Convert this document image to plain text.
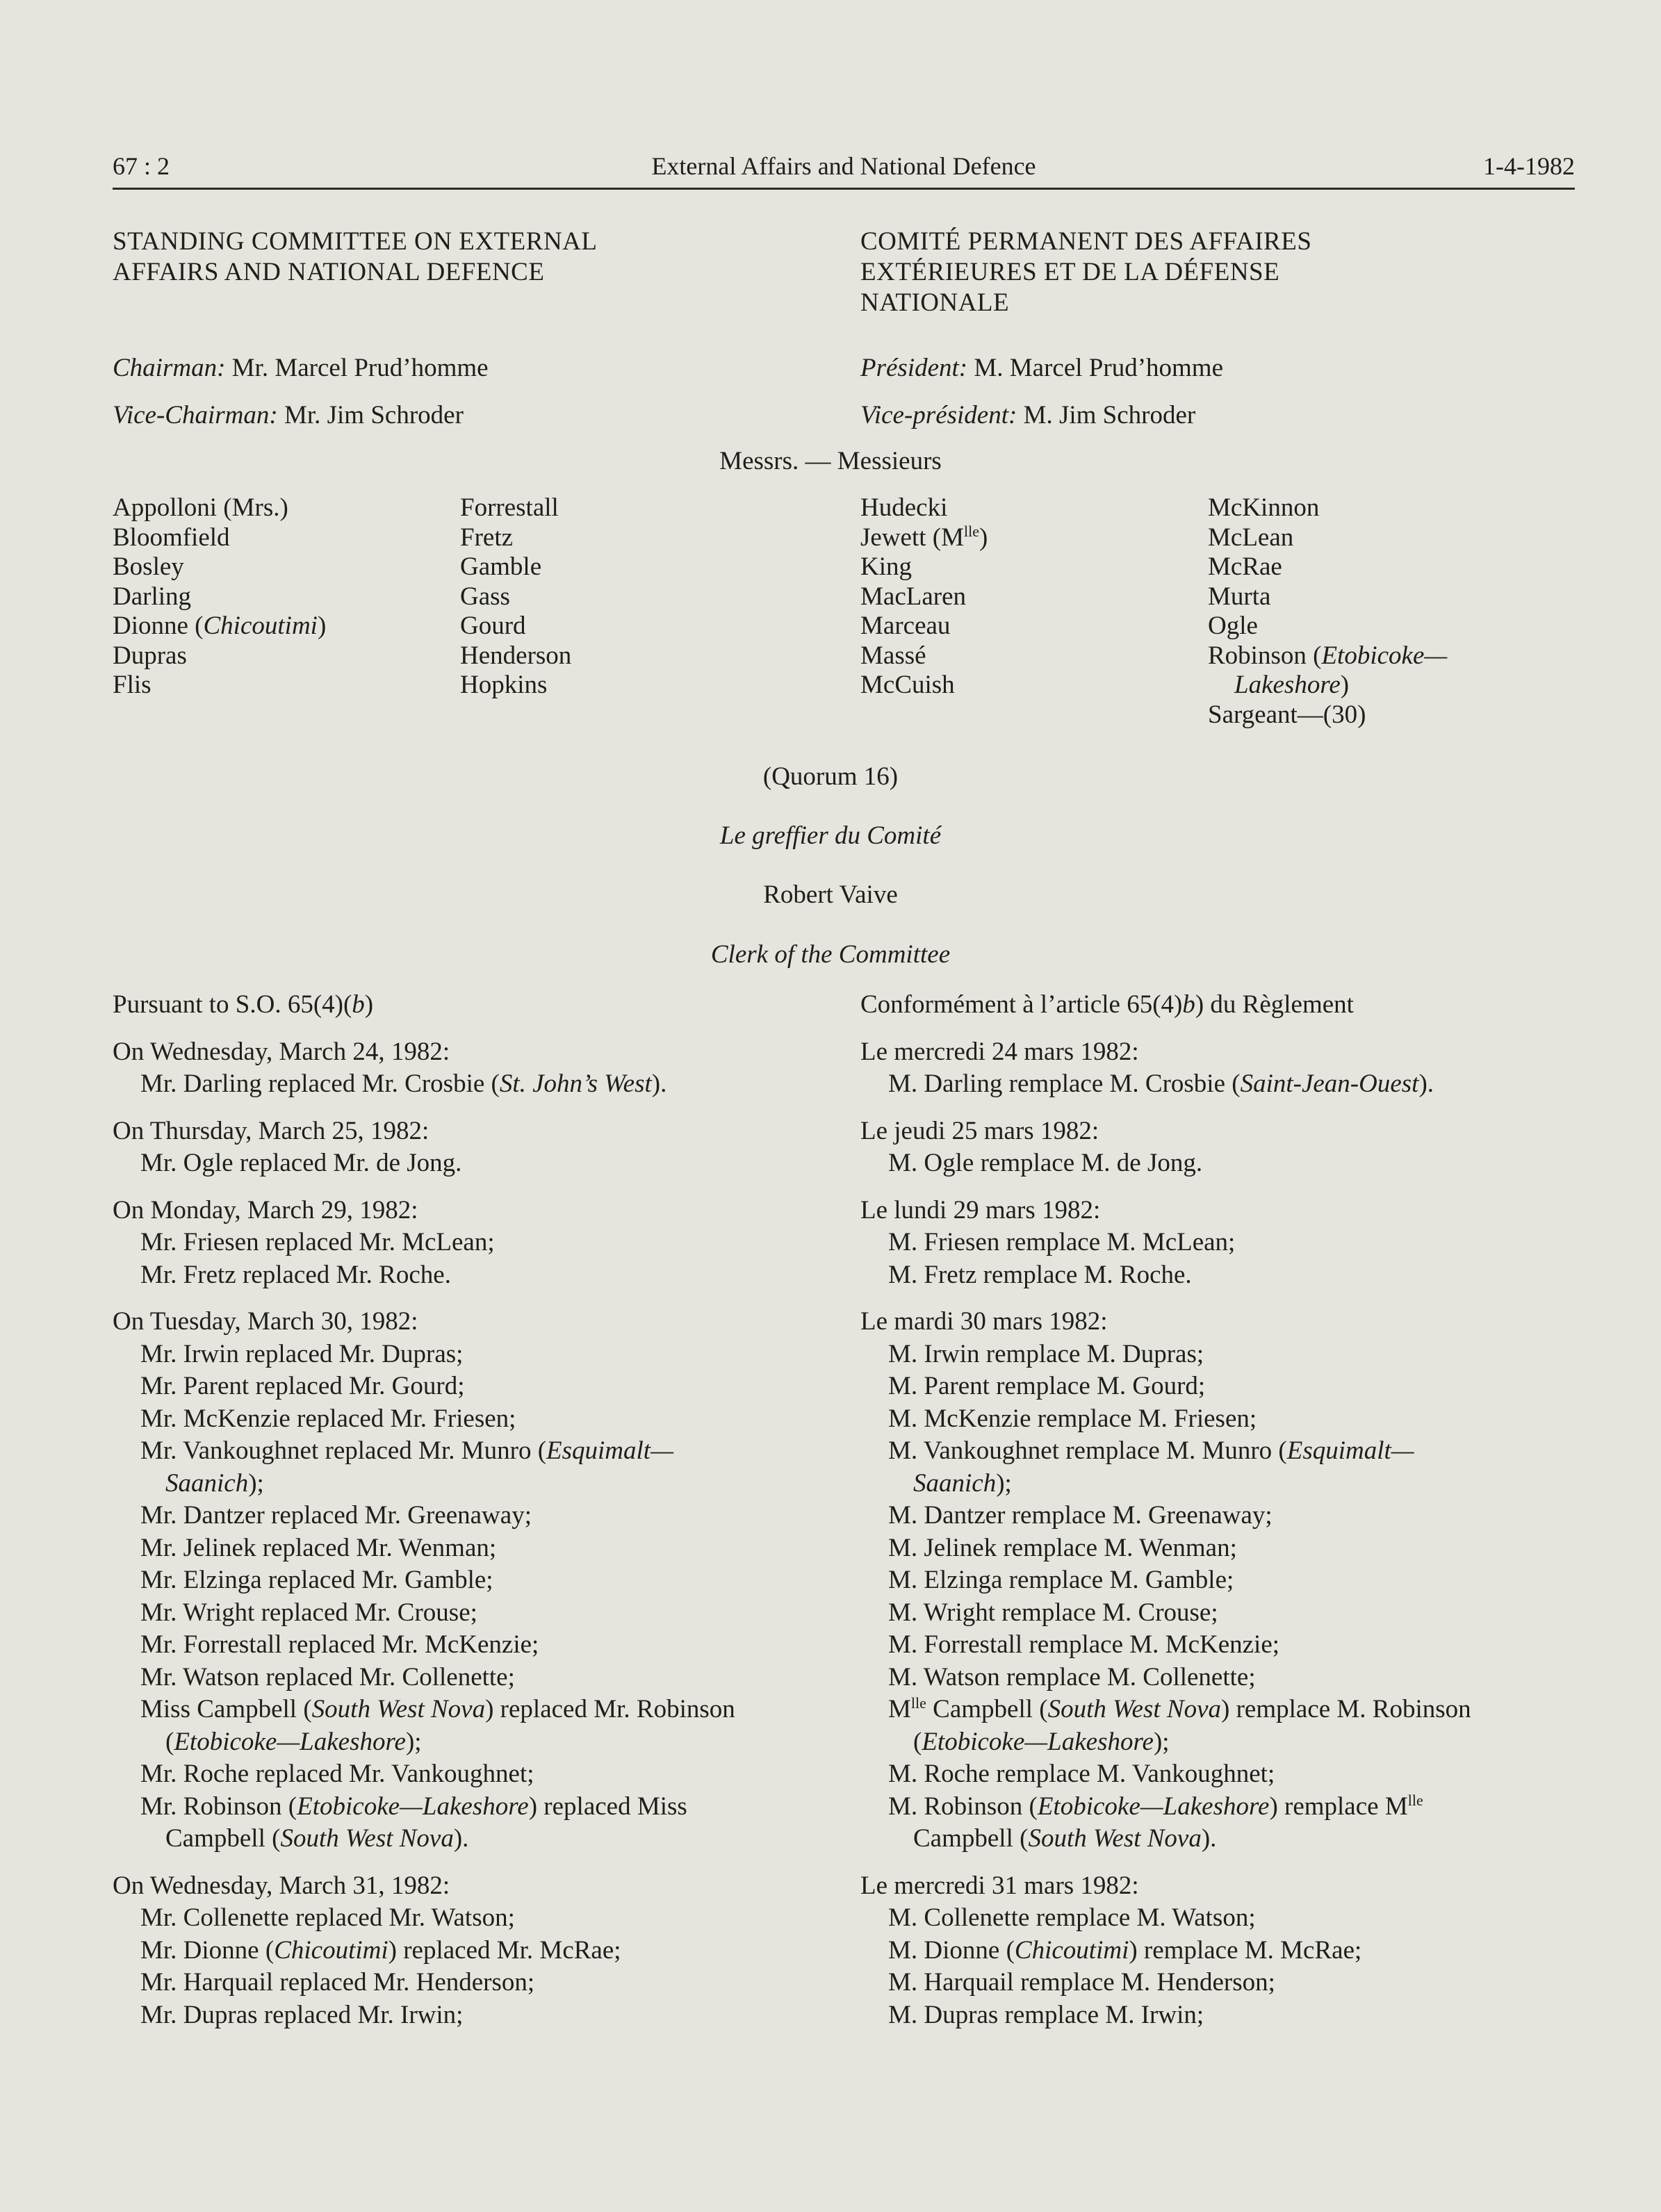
67 : 2	External Affairs and National Defence	1-4-1982
STANDING COMMITTEE ON EXTERNAL
AFFAIRS AND NATIONAL DEFENCE
COMITÉ PERMANENT DES AFFAIRES
EXTÉRIEURES ET DE LA DÉFENSE
NATIONALE
Chairman: Mr. Marcel Prud’homme
Vice-Chairman: Mr. Jim Schroder
Président: M. Marcel Prud’homme
Vice-président: M. Jim Schroder
Messrs. — Messieurs
Appolloni (Mrs.)
Bloomfield
Bosley
Darling
Dionne (Chicoutimi)
Dupras
Flis
Forrestall
Fretz
Gamble
Gass
Gourd
Henderson
Hopkins
Hudecki
Jewett $(M^{lle})$
King
MacLaren
Marceau
Massé
McCuish
McKinnon
McLean
McRae
Murta
Ogle
Robinson (Etobicoke—
Lakeshore)
Sargeant—(30)
(Quorum 16)
Le greffier du Comité
Robert Vaive
Clerk of the Committee
Pursuant to S.O. 65(4)(b)
On Wednesday, March 24, 1982:
Mr. Darling replaced Mr. Crosbie (St. John’s West).
On Thursday, March 25, 1982:
Mr. Ogle replaced Mr. de Jong.
On Monday, March 29, 1982:
Mr. Friesen replaced Mr. McLean;
Mr. Fretz replaced Mr. Roche.
On Tuesday, March 30, 1982:
Mr. Irwin replaced Mr. Dupras;
Mr. Parent replaced Mr. Gourd;
Mr. McKenzie replaced Mr. Friesen;
Mr. Vankoughnet replaced Mr. Munro (Esquimalt—
Saanich);
Mr. Dantzer replaced Mr. Greenaway;
Mr. Jelinek replaced Mr. Wenman;
Mr. Elzinga replaced Mr. Gamble;
Mr. Wright replaced Mr. Crouse;
Mr. Forrestall replaced Mr. McKenzie;
Mr. Watson replaced Mr. Collenette;
Miss Campbell (South West Nova) replaced Mr. Robinson
(Etobicoke—Lakeshore);
Mr. Roche replaced Mr. Vankoughnet;
Mr. Robinson (Etobicoke—Lakeshore) replaced Miss
Campbell (South West Nova).
On Wednesday, March 31, 1982:
Mr. Collenette replaced Mr. Watson;
Mr. Dionne (Chicoutimi) replaced Mr. McRae;
Mr. Harquail replaced Mr. Henderson;
Mr. Dupras replaced Mr. Irwin;
Conformément à l’article 65(4)b) du Règlement
Le mercredi 24 mars 1982:
M. Darling remplace M. Crosbie (Saint-Jean-Ouest).
Le jeudi 25 mars 1982:
M. Ogle remplace M. de Jong.
Le lundi 29 mars 1982:
M. Friesen remplace M. McLean;
M. Fretz remplace M. Roche.
Le mardi 30 mars 1982:
M. Irwin remplace M. Dupras;
M. Parent remplace M. Gourd;
M. McKenzie remplace M. Friesen;
M. Vankoughnet remplace M. Munro (Esquimalt—
Saanich);
M. Dantzer remplace M. Greenaway;
M. Jelinek remplace M. Wenman;
M. Elzinga remplace M. Gamble;
M. Wright remplace M. Crouse;
M. Forrestall remplace M. McKenzie;
M. Watson remplace M. Collenette;
$M^{lle}$ Campbell (South West Nova) remplace M. Robinson
(Etobicoke—Lakeshore);
M. Roche remplace M. Vankoughnet;
M. Robinson (Etobicoke—Lakeshore) remplace $M^{lle}$
Campbell (South West Nova).
Le mercredi 31 mars 1982:
M. Collenette remplace M. Watson;
M. Dionne (Chicoutimi) remplace M. McRae;
M. Harquail remplace M. Henderson;
M. Dupras remplace M. Irwin;
